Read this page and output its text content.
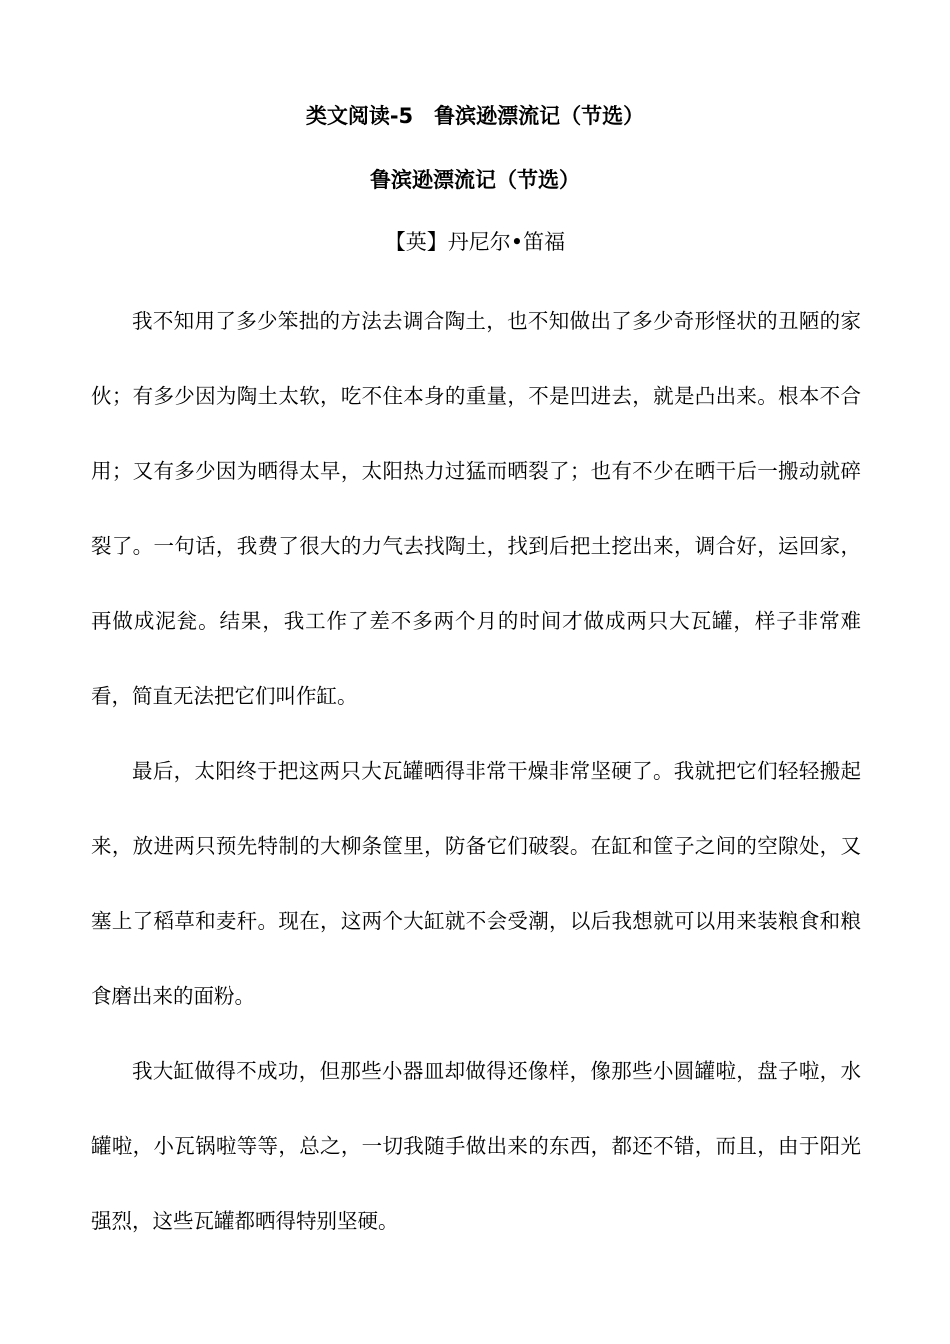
类文阅读-5　鲁滨逊漂流记（节选）
鲁滨逊漂流记（节选）

【英】丹尼尔•笛福

我不知用了多少笨拙的方法去调合陶土，也不知做出了多少奇形怪状的丑陋的家伙；有多少因为陶土太软，吃不住本身的重量，不是凹进去，就是凸出来。根本不合用；又有多少因为晒得太早，太阳热力过猛而晒裂了；也有不少在晒干后一搬动就碎裂了。一句话，我费了很大的力气去找陶土，找到后把土挖出来，调合好，运回家，再做成泥瓮。结果，我工作了差不多两个月的时间才做成两只大瓦罐，样子非常难看，简直无法把它们叫作缸。

最后，太阳终于把这两只大瓦罐晒得非常干燥非常坚硬了。我就把它们轻轻搬起来，放进两只预先特制的大柳条筐里，防备它们破裂。在缸和筐子之间的空隙处，又塞上了稻草和麦秆。现在，这两个大缸就不会受潮，以后我想就可以用来装粮食和粮食磨出来的面粉。

我大缸做得不成功，但那些小器皿却做得还像样，像那些小圆罐啦，盘子啦，水罐啦，小瓦锅啦等等，总之，一切我随手做出来的东西，都还不错，而且，由于阳光强烈，这些瓦罐都晒得特别坚硬。
